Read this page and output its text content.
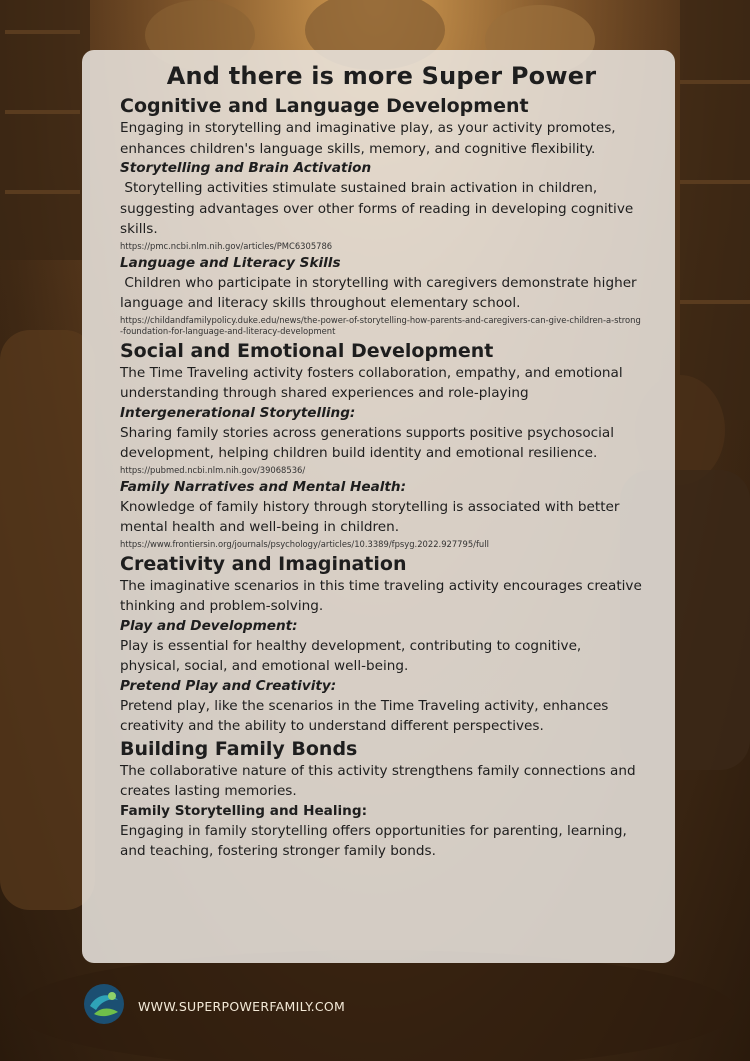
And there is more Super Power
Cognitive and Language Development

Engaging in storytelling and imaginative play, as your activity promotes, enhances children's language skills, memory, and cognitive flexibility.

Storytelling and Brain Activation

Storytelling activities stimulate sustained brain activation in children, suggesting advantages over other forms of reading in developing cognitive skills.

https://pmc.ncbi.nlm.nih.gov/articles/PMC6305786

Language and Literacy Skills

Children who participate in storytelling with caregivers demonstrate higher language and literacy skills throughout elementary school.

https://childandfamilypolicy.duke.edu/news/the-power-of-storytelling-how-parents-and-caregivers-can-give-children-a-strong-foundation-for-language-and-literacy-development

Social and Emotional Development

The Time Traveling activity fosters collaboration, empathy, and emotional understanding through shared experiences and role-playing

Intergenerational Storytelling:

Sharing family stories across generations supports positive psychosocial development, helping children build identity and emotional resilience.

https://pubmed.ncbi.nlm.nih.gov/39068536/

Family Narratives and Mental Health:

Knowledge of family history through storytelling is associated with better mental health and well-being in children.

https://www.frontiersin.org/journals/psychology/articles/10.3389/fpsyg.2022.927795/full

Creativity and Imagination

The imaginative scenarios in this time traveling activity encourages creative thinking and problem-solving.

Play and Development:

Play is essential for healthy development, contributing to cognitive, physical, social, and emotional well-being.

Pretend Play and Creativity:

Pretend play, like the scenarios in the Time Traveling activity, enhances creativity and the ability to understand different perspectives.

Building Family Bonds

The collaborative nature of this activity strengthens family connections and creates lasting memories.

Family Storytelling and Healing:

Engaging in family storytelling offers opportunities for parenting, learning, and teaching, fostering stronger family bonds.

WWW.SUPERPOWERFAMILY.COM
